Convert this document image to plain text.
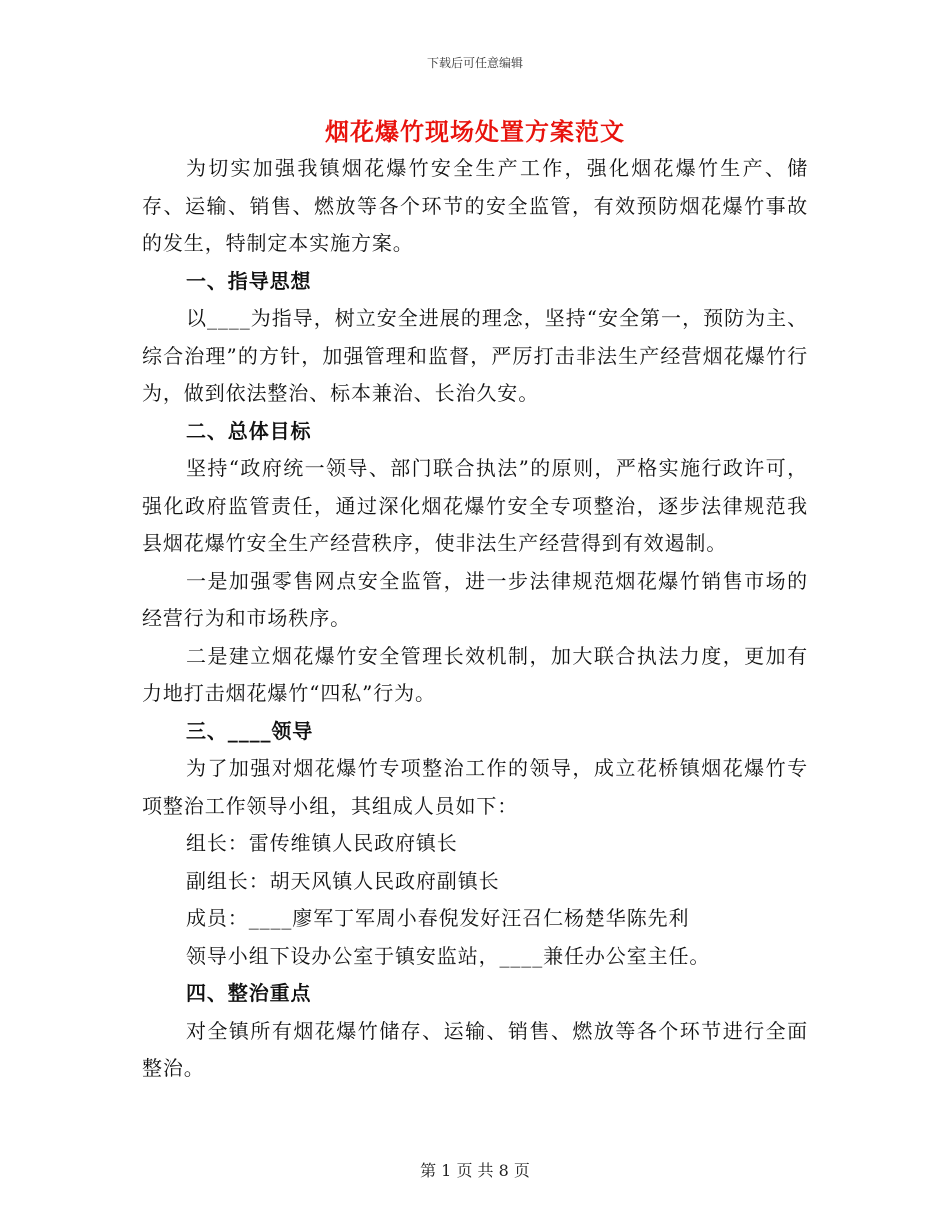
下载后可任意编辑
烟花爆竹现场处置方案范文

为切实加强我镇烟花爆竹安全生产工作，强化烟花爆竹生产、储存、运输、销售、燃放等各个环节的安全监管，有效预防烟花爆竹事故的发生，特制定本实施方案。

一、指导思想

以____为指导，树立安全进展的理念，坚持“安全第一，预防为主、综合治理”的方针，加强管理和监督，严厉打击非法生产经营烟花爆竹行为，做到依法整治、标本兼治、长治久安。

二、总体目标

坚持“政府统一领导、部门联合执法”的原则，严格实施行政许可，强化政府监管责任，通过深化烟花爆竹安全专项整治，逐步法律规范我县烟花爆竹安全生产经营秩序，使非法生产经营得到有效遏制。

一是加强零售网点安全监管，进一步法律规范烟花爆竹销售市场的经营行为和市场秩序。

二是建立烟花爆竹安全管理长效机制，加大联合执法力度，更加有力地打击烟花爆竹“四私”行为。

三、____领导

为了加强对烟花爆竹专项整治工作的领导，成立花桥镇烟花爆竹专项整治工作领导小组，其组成人员如下：

组长：雷传维镇人民政府镇长

副组长：胡天风镇人民政府副镇长

成员：____廖军丁军周小春倪发好汪召仁杨楚华陈先利

领导小组下设办公室于镇安监站，____兼任办公室主任。

四、整治重点

对全镇所有烟花爆竹储存、运输、销售、燃放等各个环节进行全面整治。

第 1 页 共 8 页
